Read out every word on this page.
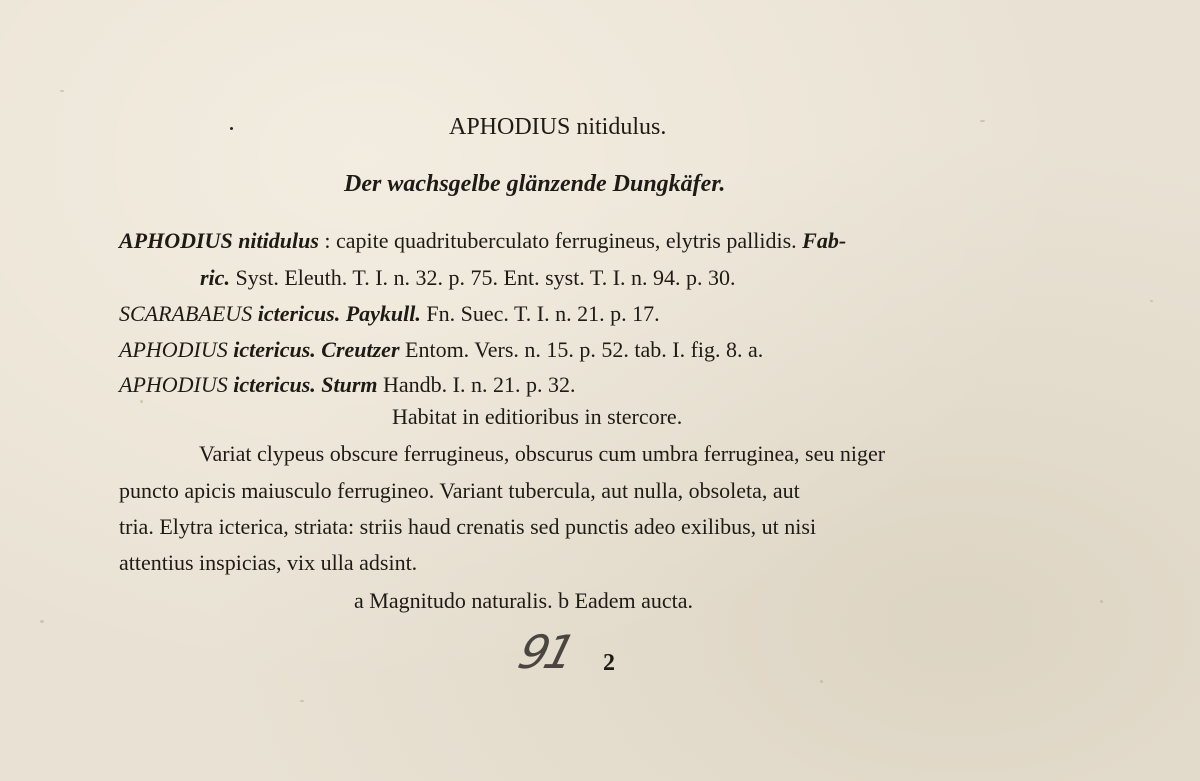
APHODIUS nitidulus.
Der wachsgelbe glänzende Dungkäfer.
APHODIUS nitidulus : capite quadrituberculato ferrugineus, elytris pallidis. Fab-
ric. Syst. Eleuth. T. I. n. 32. p. 75. Ent. syst. T. I. n. 94. p. 30.
SCARABAEUS ictericus. Paykull. Fn. Suec. T. I. n. 21. p. 17.
APHODIUS ictericus. Creutzer Entom. Vers. n. 15. p. 52. tab. I. fig. 8. a.
APHODIUS ictericus. Sturm Handb. I. n. 21. p. 32.
Habitat in editioribus in stercore.
Variat clypeus obscure ferrugineus, obscurus cum umbra ferruginea, seu niger
puncto apicis maiusculo ferrugineo. Variant tubercula, aut nulla, obsoleta, aut
tria. Elytra icterica, striata: striis haud crenatis sed punctis adeo exilibus, ut nisi
attentius inspicias, vix ulla adsint.
a Magnitudo naturalis. b Eadem aucta.
91 2
